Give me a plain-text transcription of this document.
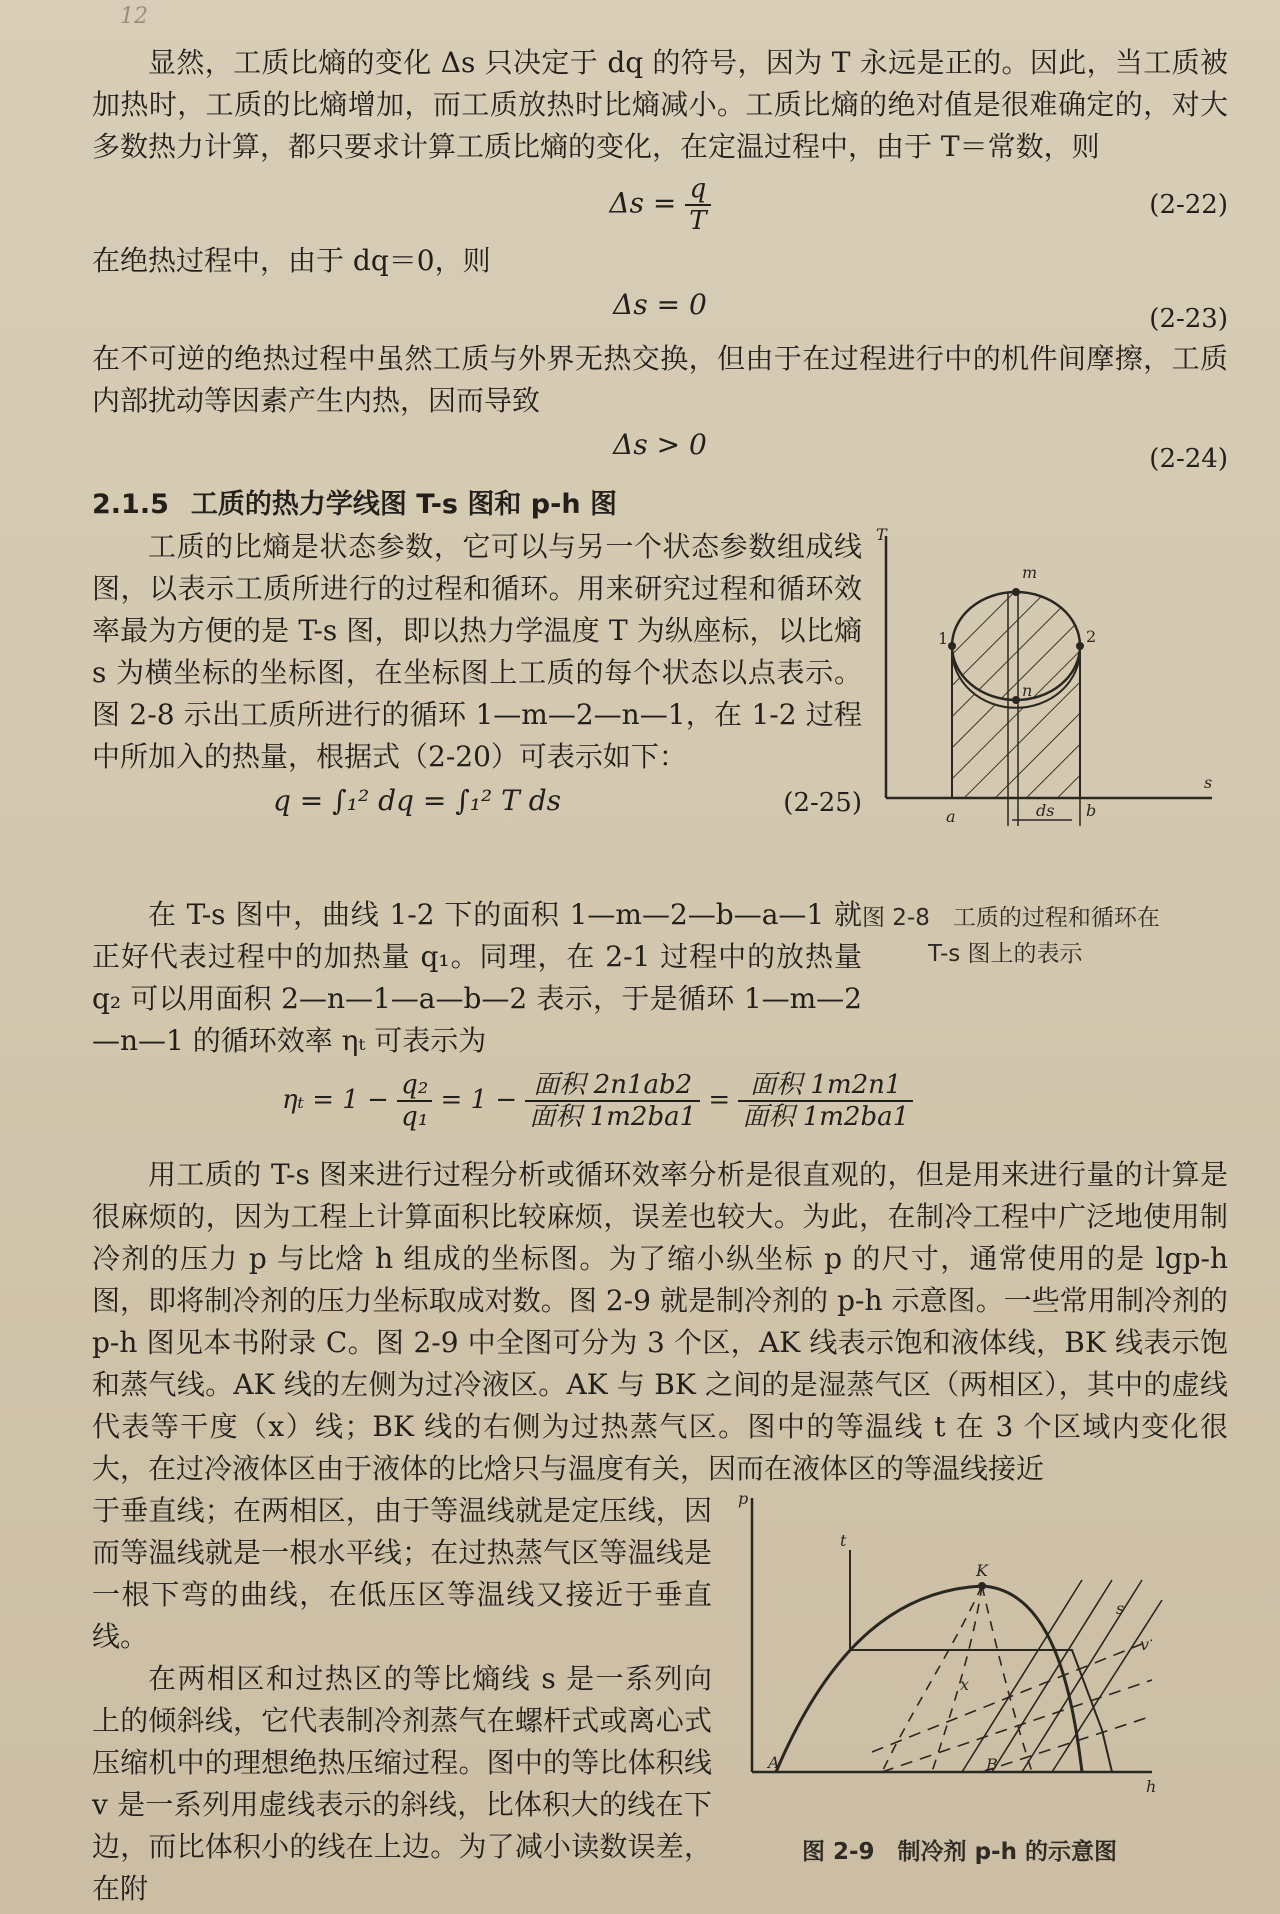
12

显然，工质比熵的变化 Δs 只决定于 dq 的符号，因为 T 永远是正的。因此，当工质被加热时，工质的比熵增加，而工质放热时比熵减小。工质比熵的绝对值是很难确定的，对大多数热力计算，都只要求计算工质比熵的变化，在定温过程中，由于 T＝常数，则

$\Delta s = \frac{q}{T}$	(2-22)

在绝热过程中，由于 dq＝0，则

Δs = 0	(2-23)

在不可逆的绝热过程中虽然工质与外界无热交换，但由于在过程进行中的机件间摩擦，工质内部扰动等因素产生内热，因而导致

Δs > 0	(2-24)
2.1.5 工质的热力学线图 T-s 图和 p-h 图

工质的比熵是状态参数，它可以与另一个状态参数组成线图，以表示工质所进行的过程和循环。用来研究过程和循环效率最为方便的是 T-s 图，即以热力学温度 T 为纵座标，以比熵 s 为横坐标的坐标图，在坐标图上工质的每个状态以点表示。图 2-8 示出工质所进行的循环 1—m—2—n—1，在 1-2 过程中所加入的热量，根据式（2-20）可表示如下：

q = ∫₁² dq = ∫₁² T ds	(2-25)

T
s
m
1	2
n
a	b
ds
图 2-8　工质的过程和循环在
T-s 图上的表示

在 T-s 图中，曲线 1-2 下的面积 1—m—2—b—a—1 就正好代表过程中的加热量 q₁。同理，在 2-1 过程中的放热量 q₂ 可以用面积 2—n—1—a—b—2 表示，于是循环 1—m—2—n—1 的循环效率 ηₜ 可表示为

$\eta_t = 1 - \frac{\text{q₂}}{\text{q₁}} = 1 - \frac{\text{面积 2n1ab2}}{\text{面积 1m2ba1}} = \frac{\text{面积 1m2n1}}{\text{面积 1m2ba1}}$

用工质的 T-s 图来进行过程分析或循环效率分析是很直观的，但是用来进行量的计算是很麻烦的，因为工程上计算面积比较麻烦，误差也较大。为此，在制冷工程中广泛地使用制冷剂的压力 p 与比焓 h 组成的坐标图。为了缩小纵坐标 p 的尺寸，通常使用的是 lgp-h 图，即将制冷剂的压力坐标取成对数。图 2-9 就是制冷剂的 p-h 示意图。一些常用制冷剂的 p-h 图见本书附录 C。图 2-9 中全图可分为 3 个区，AK 线表示饱和液体线，BK 线表示饱和蒸气线。AK 线的左侧为过冷液区。AK 与 BK 之间的是湿蒸气区（两相区），其中的虚线代表等干度（x）线；BK 线的右侧为过热蒸气区。图中的等温线 t 在 3 个区域内变化很大，在过冷液体区由于液体的比焓只与温度有关，因而在液体区的等温线接近

于垂直线；在两相区，由于等温线就是定压线，因而等温线就是一根水平线；在过热蒸气区等温线是一根下弯的曲线，在低压区等温线又接近于垂直线。

在两相区和过热区的等比熵线 s 是一系列向上的倾斜线，它代表制冷剂蒸气在螺杆式或离心式压缩机中的理想绝热压缩过程。图中的等比体积线 v 是一系列用虚线表示的斜线，比体积大的线在下边，而比体积小的线在上边。为了减小读数误差，在附

p
h
K
A	B
t
s
v
x
图 2-9　制冷剂 p-h 的示意图
